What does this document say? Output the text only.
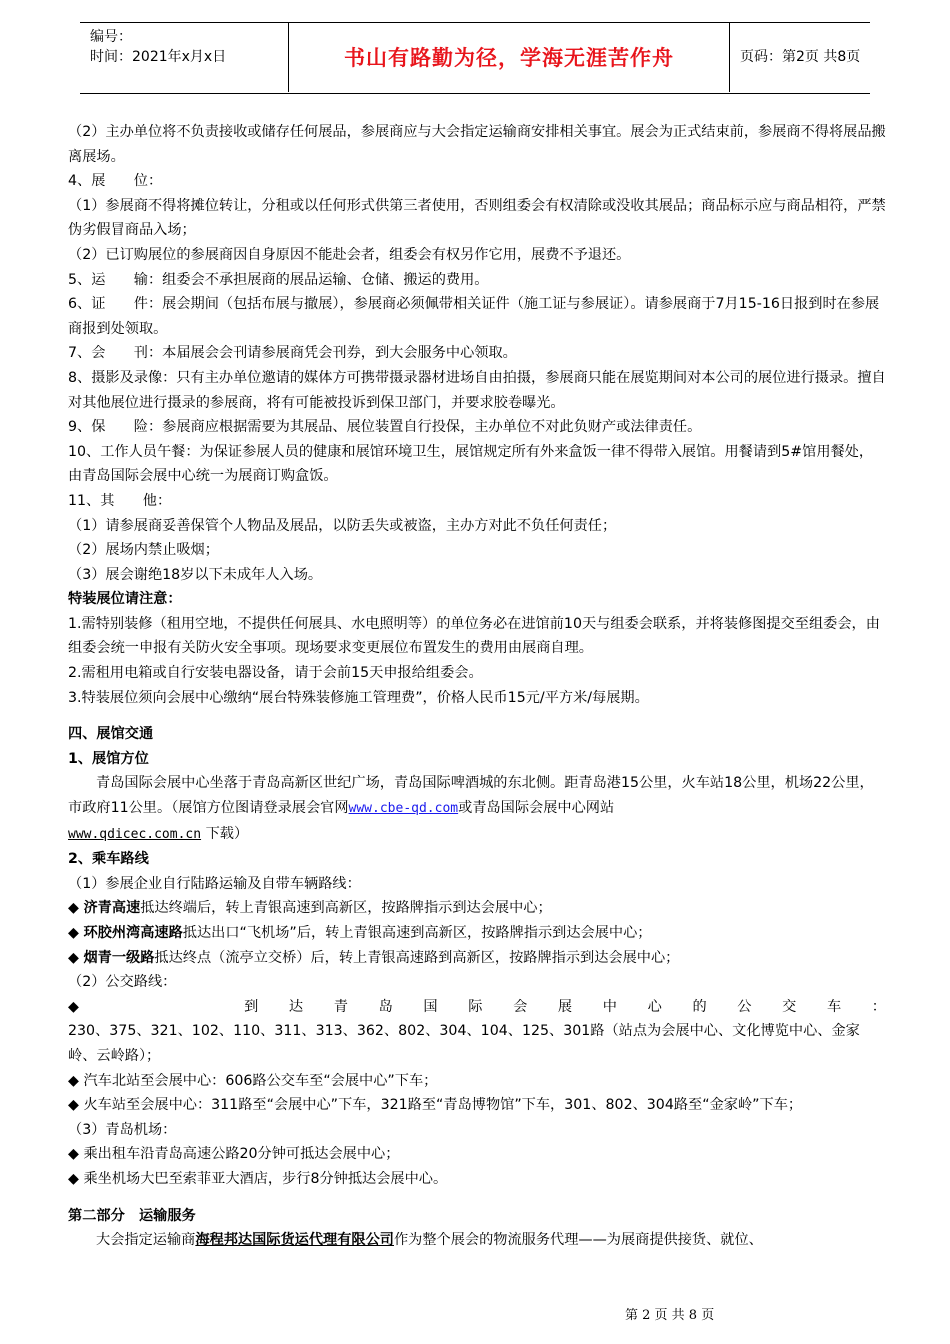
编号：
时间：2021年x月x日	书山有路勤为径，学海无涯苦作舟	页码：第2页 共8页

（2）主办单位将不负责接收或储存任何展品，参展商应与大会指定运输商安排相关事宜。展会为正式结束前，参展商不得将展品搬离展场。

4、展　　位：

（1）参展商不得将摊位转让，分租或以任何形式供第三者使用，否则组委会有权清除或没收其展品；商品标示应与商品相符，严禁伪劣假冒商品入场；

（2）已订购展位的参展商因自身原因不能赴会者，组委会有权另作它用，展费不予退还。

5、运　　输：组委会不承担展商的展品运输、仓储、搬运的费用。

6、证　　件：展会期间（包括布展与撤展），参展商必须佩带相关证件（施工证与参展证）。请参展商于7月15-16日报到时在参展商报到处领取。

7、会　　刊：本届展会会刊请参展商凭会刊券，到大会服务中心领取。

8、摄影及录像：只有主办单位邀请的媒体方可携带摄录器材进场自由拍摄，参展商只能在展览期间对本公司的展位进行摄录。擅自对其他展位进行摄录的参展商，将有可能被投诉到保卫部门，并要求胶卷曝光。

9、保　　险：参展商应根据需要为其展品、展位装置自行投保，主办单位不对此负财产或法律责任。

10、工作人员午餐：为保证参展人员的健康和展馆环境卫生，展馆规定所有外来盒饭一律不得带入展馆。用餐请到5#馆用餐处，由青岛国际会展中心统一为展商订购盒饭。

11、其　　他：

（1）请参展商妥善保管个人物品及展品，以防丢失或被盗，主办方对此不负任何责任；

（2）展场内禁止吸烟；

（3）展会谢绝18岁以下未成年人入场。

特装展位请注意：

1.需特别装修（租用空地，不提供任何展具、水电照明等）的单位务必在进馆前10天与组委会联系，并将装修图提交至组委会，由组委会统一申报有关防火安全事项。现场要求变更展位布置发生的费用由展商自理。

2.需租用电箱或自行安装电器设备，请于会前15天申报给组委会。

3.特装展位须向会展中心缴纳“展台特殊装修施工管理费”，价格人民币15元/平方米/每展期。

四、展馆交通

1、展馆方位

青岛国际会展中心坐落于青岛高新区世纪广场，青岛国际啤酒城的东北侧。距青岛港15公里，火车站18公里，机场22公里，市政府11公里。（展馆方位图请登录展会官网www.cbe-qd.com或青岛国际会展中心网站
www.qdicec.com.cn 下载）

2、乘车路线

（1）参展企业自行陆路运输及自带车辆路线：

◆ 济青高速抵达终端后，转上青银高速到高新区，按路牌指示到达会展中心；

◆ 环胶州湾高速路抵达出口“飞机场”后，转上青银高速到高新区，按路牌指示到达会展中心；

◆ 烟青一级路抵达终点（流亭立交桥）后，转上青银高速路到高新区，按路牌指示到达会展中心；

（2）公交路线：

◆　　　	到达青岛国际会展中心的公交车：

230、375、321、102、110、311、313、362、802、304、104、125、301路（站点为会展中心、文化博览中心、金家岭、云岭路）；

◆ 汽车北站至会展中心：606路公交车至“会展中心”下车；

◆ 火车站至会展中心：311路至“会展中心”下车，321路至“青岛博物馆”下车，301、802、304路至“金家岭”下车；

（3）青岛机场：

◆ 乘出租车沿青岛高速公路20分钟可抵达会展中心；

◆ 乘坐机场大巴至索菲亚大酒店，步行8分钟抵达会展中心。

第二部分　运输服务

大会指定运输商海程邦达国际货运代理有限公司作为整个展会的物流服务代理——为展商提供接货、就位、

第 2 页 共 8 页
